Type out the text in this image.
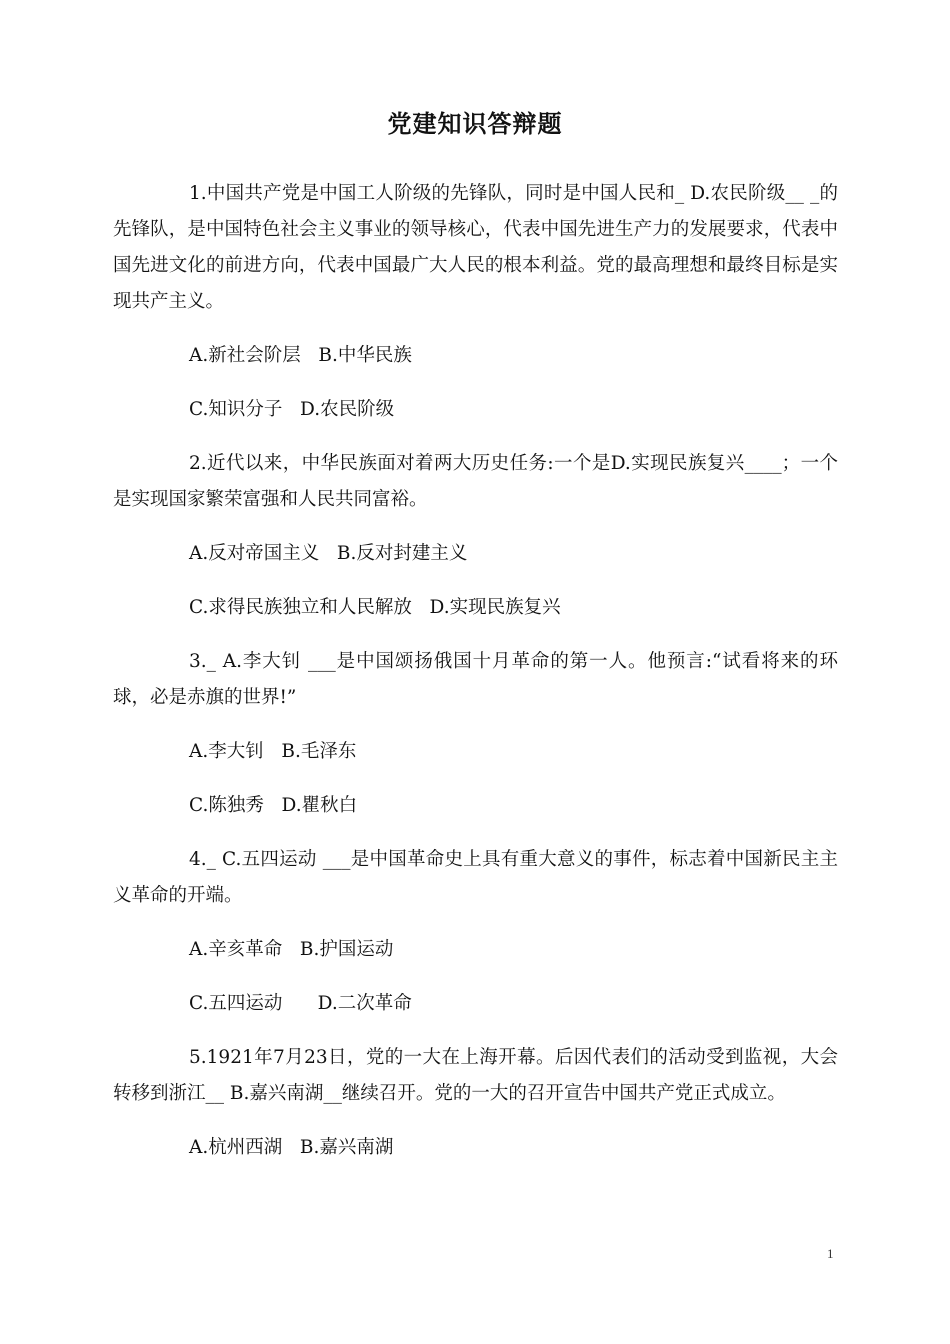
党建知识答辩题

1.中国共产党是中国工人阶级的先锋队，同时是中国人民和_ D.农民阶级__ _的先锋队，是中国特色社会主义事业的领导核心，代表中国先进生产力的发展要求，代表中国先进文化的前进方向，代表中国最广大人民的根本利益。党的最高理想和最终目标是实现共产主义。

A.新社会阶层   B.中华民族

C.知识分子   D.农民阶级

2.近代以来，中华民族面对着两大历史任务:一个是D.实现民族复兴____；一个是实现国家繁荣富强和人民共同富裕。

A.反对帝国主义   B.反对封建主义

C.求得民族独立和人民解放   D.实现民族复兴

3._ A.李大钊 ___是中国颂扬俄国十月革命的第一人。他预言:“试看将来的环球，必是赤旗的世界!”

A.李大钊   B.毛泽东

C.陈独秀   D.瞿秋白

4._ C.五四运动 ___是中国革命史上具有重大意义的事件，标志着中国新民主主义革命的开端。

A.辛亥革命   B.护国运动

C.五四运动      D.二次革命

5.1921年7月23日，党的一大在上海开幕。后因代表们的活动受到监视，大会转移到浙江__ B.嘉兴南湖__继续召开。党的一大的召开宣告中国共产党正式成立。

A.杭州西湖   B.嘉兴南湖

1
